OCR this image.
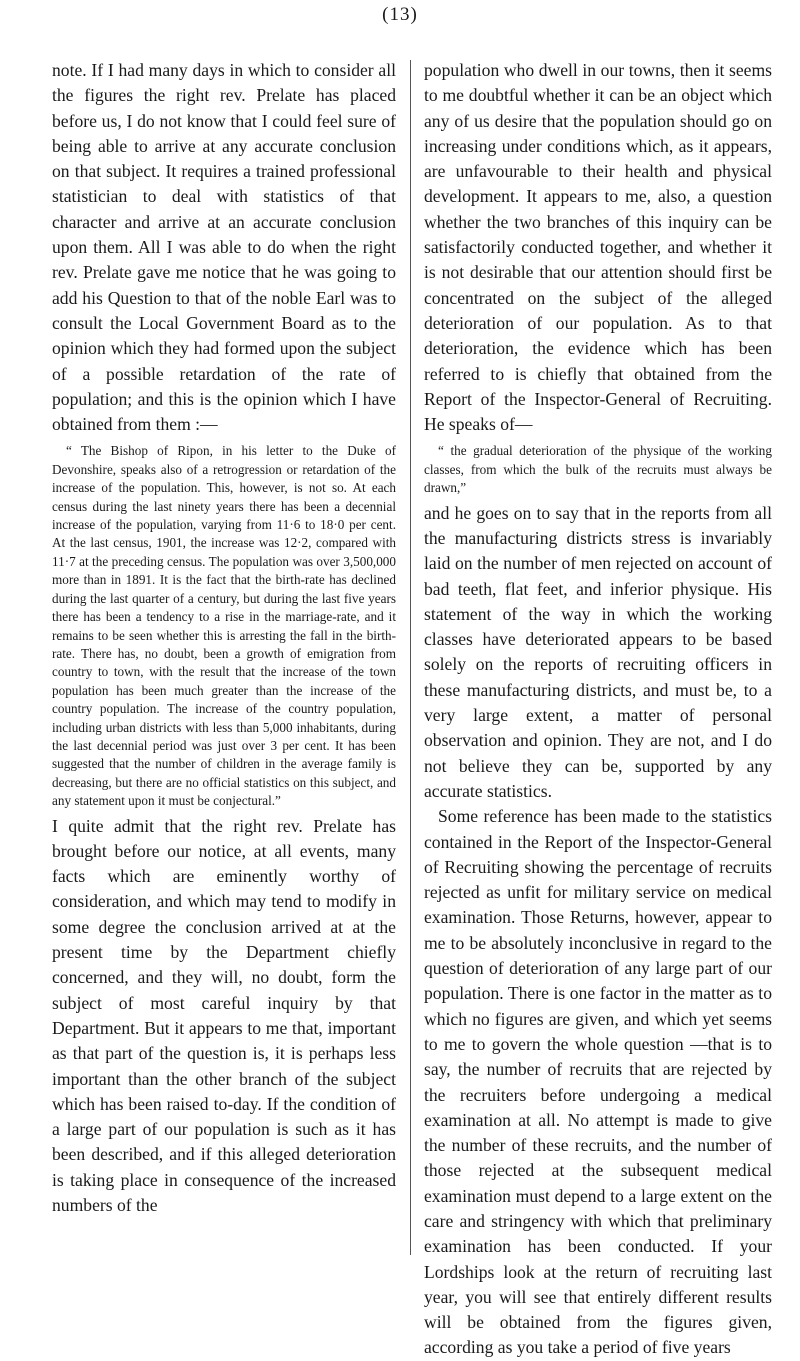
(13)

note. If I had many days in which to consider all the figures the right rev. Prelate has placed before us, I do not know that I could feel sure of being able to arrive at any accurate conclusion on that subject. It requires a trained professional statistician to deal with statistics of that character and arrive at an accurate conclusion upon them. All I was able to do when the right rev. Prelate gave me notice that he was going to add his Question to that of the noble Earl was to consult the Local Government Board as to the opinion which they had formed upon the subject of a possible retardation of the rate of population; and this is the opinion which I have obtained from them :—

“ The Bishop of Ripon, in his letter to the Duke of Devonshire, speaks also of a retrogression or retardation of the increase of the population. This, however, is not so. At each census during the last ninety years there has been a decennial increase of the population, varying from 11·6 to 18·0 per cent. At the last census, 1901, the increase was 12·2, compared with 11·7 at the preceding census. The population was over 3,500,000 more than in 1891. It is the fact that the birth-rate has declined during the last quarter of a century, but during the last five years there has been a tendency to a rise in the marriage-rate, and it remains to be seen whether this is arresting the fall in the birth-rate. There has, no doubt, been a growth of emigration from country to town, with the result that the increase of the town population has been much greater than the increase of the country population. The increase of the country population, including urban districts with less than 5,000 inhabitants, during the last decennial period was just over 3 per cent. It has been suggested that the number of children in the average family is decreasing, but there are no official statistics on this subject, and any statement upon it must be conjectural.”

I quite admit that the right rev. Prelate has brought before our notice, at all events, many facts which are eminently worthy of consideration, and which may tend to modify in some degree the conclusion arrived at at the present time by the Department chiefly concerned, and they will, no doubt, form the subject of most careful inquiry by that Department. But it appears to me that, important as that part of the question is, it is perhaps less important than the other branch of the subject which has been raised to-day. If the condition of a large part of our population is such as it has been described, and if this alleged deterioration is taking place in consequence of the increased numbers of the

population who dwell in our towns, then it seems to me doubtful whether it can be an object which any of us desire that the population should go on increasing under conditions which, as it appears, are unfavourable to their health and physical development. It appears to me, also, a question whether the two branches of this inquiry can be satisfactorily conducted together, and whether it is not desirable that our attention should first be concentrated on the subject of the alleged deterioration of our population. As to that deterioration, the evidence which has been referred to is chiefly that obtained from the Report of the Inspector-General of Recruiting. He speaks of—

“ the gradual deterioration of the physique of the working classes, from which the bulk of the recruits must always be drawn,”

and he goes on to say that in the reports from all the manufacturing districts stress is invariably laid on the number of men rejected on account of bad teeth, flat feet, and inferior physique. His statement of the way in which the working classes have deteriorated appears to be based solely on the reports of recruiting officers in these manufacturing districts, and must be, to a very large extent, a matter of personal observation and opinion. They are not, and I do not believe they can be, supported by any accurate statistics.

Some reference has been made to the statistics contained in the Report of the Inspector-General of Recruiting showing the percentage of recruits rejected as unfit for military service on medical examination. Those Returns, however, appear to me to be absolutely inconclusive in regard to the question of deterioration of any large part of our population. There is one factor in the matter as to which no figures are given, and which yet seems to me to govern the whole question —that is to say, the number of recruits that are rejected by the recruiters before undergoing a medical examination at all. No attempt is made to give the number of these recruits, and the number of those rejected at the subsequent medical examination must depend to a large extent on the care and stringency with which that preliminary examination has been conducted. If your Lordships look at the return of recruiting last year, you will see that entirely different results will be obtained from the figures given, according as you take a period of five years
